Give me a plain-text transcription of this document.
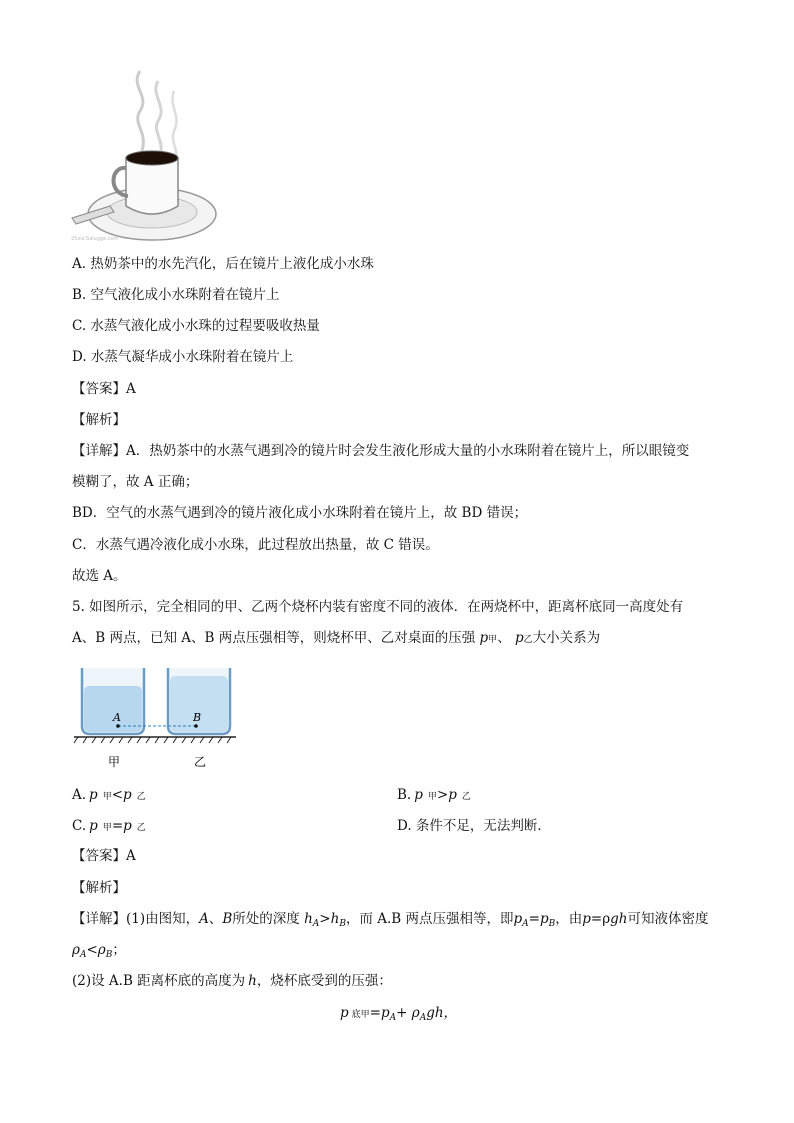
25xiz.Saiugge.com
A. 热奶茶中的水先汽化，后在镜片上液化成小水珠
B. 空气液化成小水珠附着在镜片上
C. 水蒸气液化成小水珠的过程要吸收热量
D. 水蒸气凝华成小水珠附着在镜片上
【答案】A
【解析】
【详解】A．热奶茶中的水蒸气遇到冷的镜片时会发生液化形成大量的小水珠附着在镜片上，所以眼镜变
模糊了，故 A 正确；
BD．空气的水蒸气遇到冷的镜片液化成小水珠附着在镜片上，故 BD 错误；
C．水蒸气遇冷液化成小水珠，此过程放出热量，故 C 错误。
故选 A。
5. 如图所示，完全相同的甲、乙两个烧杯内装有密度不同的液体．在两烧杯中，距离杯底同一高度处有
A、B 两点，已知 A、B 两点压强相等，则烧杯甲、乙对桌面的压强 p甲、 p乙大小关系为
A	B
甲	乙
A. p 甲<p 乙	B. p 甲>p 乙
C. p 甲=p 乙	D. 条件不足，无法判断．
【答案】A
【解析】
【详解】(1)由图知，A、B所处的深度 $h_A>h_B$，而 A.B 两点压强相等，即$p_A=p_B$，由p=ρgh可知液体密度
$\rho_A<\rho_B$；
(2)设 A.B 距离杯底的高度为 h，烧杯底受到的压强：
p底甲$=p_A+ \rho_Agh$，
